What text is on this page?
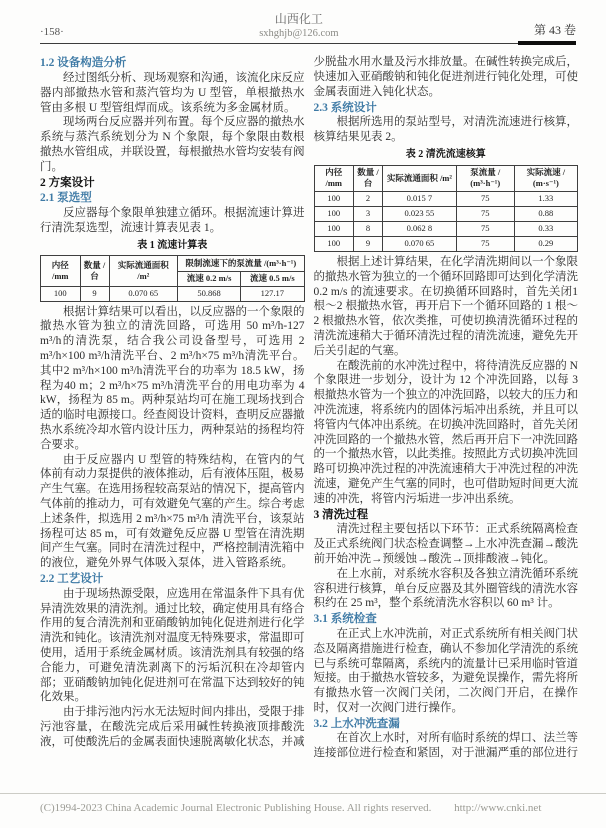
·158·
山西化工
sxhghjb@126.com	第 43 卷
1.2 设备构造分析

经过图纸分析、现场观察和沟通，该流化床反应器内部撤热水管和蒸汽管均为 U 型管，单根撤热水管由多根 U 型管组焊而成。该系统为多金属材质。

现场两台反应器并列布置。每个反应器的撤热水系统与蒸汽系统划分为 N 个象限，每个象限由数根撤热水管组成，并联设置，每根撤热水管均安装有阀门。

2 方案设计
2.1 泵选型

反应器每个象限单独建立循环。根据流速计算进行清洗泵选型，流速计算表见表 1。

表 1 流速计算表
内径 /mm	数量 / 台	实际流通面积 /m²	限制流速下的泵流量 /(m³·h⁻¹)	
			流速 0.2 m/s	流速 0.5 m/s
100	9	0.070 65	50.868	127.17

根据计算结果可以看出，以反应器的一个象限的撤热水管为独立的清洗回路，可选用 50 m³/h-127 m³/h的清洗泵，结合我公司设备型号，可选用 2 m³/h×100 m³/h清洗平台、2 m³/h×75 m³/h清洗平台。其中2 m³/h×100 m³/h清洗平台的功率为 18.5 kW，扬程为40 m；2 m³/h×75 m³/h清洗平台的用电功率为 4 kW，扬程为 85 m。两种泵站均可在施工现场找到合适的临时电源接口。经查阅设计资料，查明反应器撤热水系统冷却水管内设计压力，两种泵站的扬程均符合要求。

由于反应器内 U 型管的特殊结构，在管内的气体前有动力泵提供的液体推动，后有液体压阻，极易产生气塞。在选用扬程较高泵站的情况下，提高管内气体前的推动力，可有效避免气塞的产生。综合考虑上述条件，拟选用 2 m³/h×75 m³/h 清洗平台，该泵站扬程可达 85 m，可有效避免反应器 U 型管在清洗期间产生气塞。同时在清洗过程中，严格控制清洗箱中的液位，避免外界气体吸入泵体，进入管路系统。

2.2 工艺设计

由于现场热源受限，应选用在常温条件下具有优异清洗效果的清洗剂。通过比较，确定使用具有络合作用的复合清洗剂和亚硝酸钠加钝化促进剂进行化学清洗和钝化。该清洗剂对温度无特殊要求，常温即可使用，适用于系统金属材质。该清洗剂具有较强的络合能力，可避免清洗剥离下的污垢沉积在冷却管内部；亚硝酸钠加钝化促进剂可在常温下达到较好的钝化效果。

由于排污池内污水无法短时间内排出，受限于排污池容量，在酸洗完成后采用碱性转换液顶排酸洗液，可使酸洗后的金属表面快速脱离敏化状态，并减

少脱盐水用水量及污水排放量。在碱性转换完成后，快速加入亚硝酸钠和钝化促进剂进行钝化处理，可使金属表面进入钝化状态。

2.3 系统设计

根据所选用的泵站型号，对清洗流速进行核算，核算结果见表 2。

表 2 清洗流速核算
内径 /mm	数量 / 台	实际流通面积 /m²	泵流量 / (m³·h⁻¹)	实际流速 / (m·s⁻¹)
100	2	0.015 7	75	1.33
100	3	0.023 55	75	0.88
100	8	0.062 8	75	0.33
100	9	0.070 65	75	0.29

根据上述计算结果，在化学清洗期间以一个象限的撤热水管为独立的一个循环回路即可达到化学清洗 0.2 m/s 的流速要求。在切换循环回路时，首先关闭1 根～2 根撤热水管，再开启下一个循环回路的 1 根～2 根撤热水管，依次类推，可使切换清洗循环过程的清洗流速稍大于循环清洗过程的清洗流速，避免先开后关引起的气塞。

在酸洗前的水冲洗过程中，将待清洗反应器的 N个象限进一步划分，设计为 12 个冲洗回路，以每 3 根撤热水管为一个独立的冲洗回路，以较大的压力和冲洗流速，将系统内的固体污垢冲出系统，并且可以将管内气体冲出系统。在切换冲洗回路时，首先关闭冲洗回路的一个撤热水管，然后再开启下一冲洗回路的一个撤热水管，以此类推。按照此方式切换冲洗回路可切换冲洗过程的冲洗流速稍大于冲洗过程的冲洗流速，避免产生气塞的同时，也可借助短时间更大流速的冲洗，将管内污垢进一步冲出系统。

3 清洗过程

清洗过程主要包括以下环节：正式系统隔离检查及正式系统阀门状态检查调整→上水冲洗查漏→酸洗前开始冲洗→预缓蚀→酸洗→顶排酸液→钝化。

在上水前，对系统水容积及各独立清洗循环系统容积进行核算，单台反应器及其外圈管线的清洗水容积约在 25 m³，整个系统清洗水容积以 60 m³ 计。

3.1 系统检查

在正式上水冲洗前，对正式系统所有相关阀门状态及隔离措施进行检查，确认不参加化学清洗的系统已与系统可靠隔离，系统内的流量计已采用临时管道短接。由于撤热水管较多，为避免误操作，需先将所有撤热水管一次阀门关闭，二次阀门开启，在操作时，仅对一次阀门进行操作。

3.2 上水冲洗查漏

在首次上水时，对所有临时系统的焊口、法兰等连接部位进行检查和紧固，对于泄漏严重的部位进行

(C)1994-2023 China Academic Journal Electronic Publishing House. All rights reserved. http://www.cnki.net
